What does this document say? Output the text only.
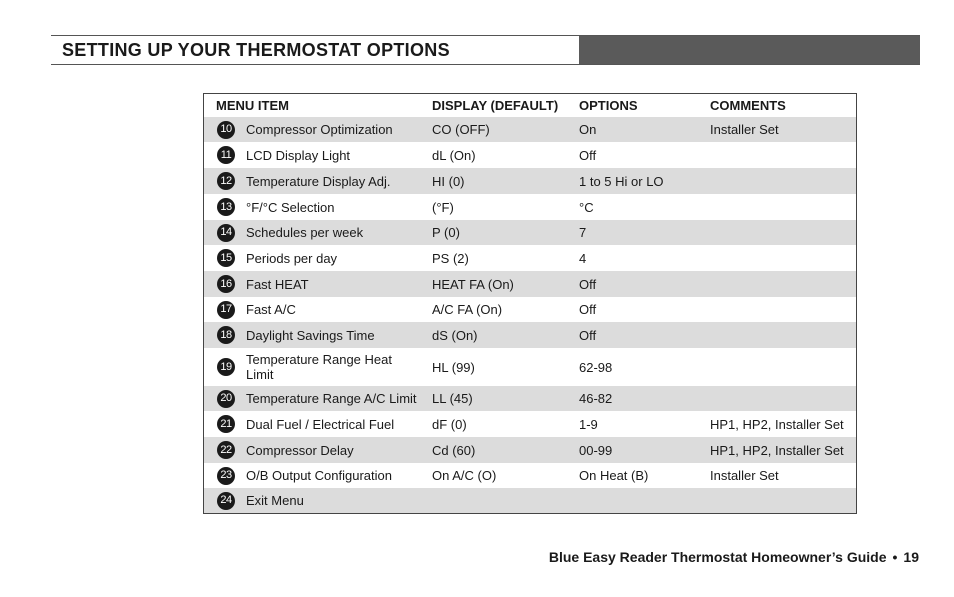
SETTING UP YOUR THERMOSTAT OPTIONS
MENU ITEM	DISPLAY (DEFAULT)	OPTIONS	COMMENTS
10 Compressor Optimization	CO (OFF)	On	Installer Set
11 LCD Display Light	dL (On)	Off
12 Temperature Display Adj.	HI (0)	1 to 5 Hi or LO
13 °F/°C Selection	(°F)	°C
14 Schedules per week	P (0)	7
15 Periods per day	PS (2)	4
16 Fast HEAT	HEAT FA (On)	Off
17 Fast A/C	A/C FA (On)	Off
18 Daylight Savings Time	dS (On)	Off
19 Temperature Range Heat Limit	HL (99)	62-98
20 Temperature Range A/C Limit	LL (45)	46-82
21 Dual Fuel / Electrical Fuel	dF (0)	1-9	HP1, HP2, Installer Set
22 Compressor Delay	Cd (60)	00-99	HP1, HP2, Installer Set
23 O/B Output Configuration	On A/C (O)	On Heat (B)	Installer Set
24 Exit Menu
Blue Easy Reader Thermostat Homeowner’s Guide • 19
